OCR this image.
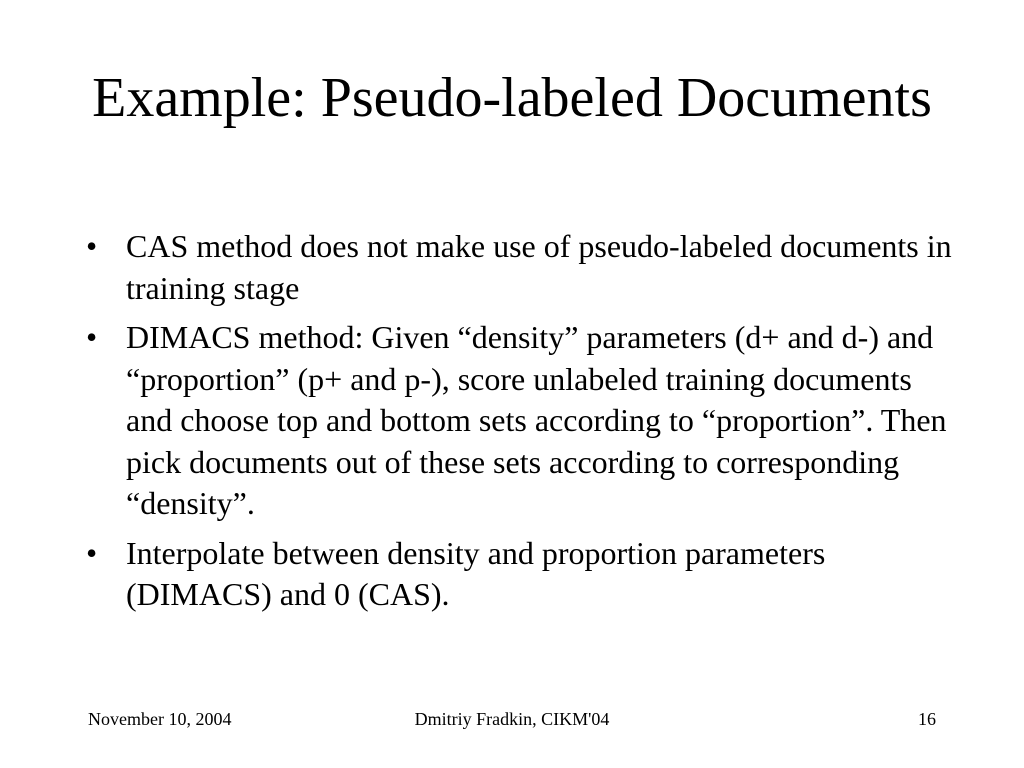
Example: Pseudo-labeled Documents
• CAS method does not make use of pseudo-labeled documents in training stage
• DIMACS method: Given “density” parameters (d+ and d-) and “proportion” (p+ and p-), score unlabeled training documents and choose top and bottom sets according to “proportion”. Then pick documents out of these sets according to corresponding “density”.
• Interpolate between density and proportion parameters (DIMACS) and 0 (CAS).
Dmitriy Fradkin, CIKM'04
November 10, 2004	16
